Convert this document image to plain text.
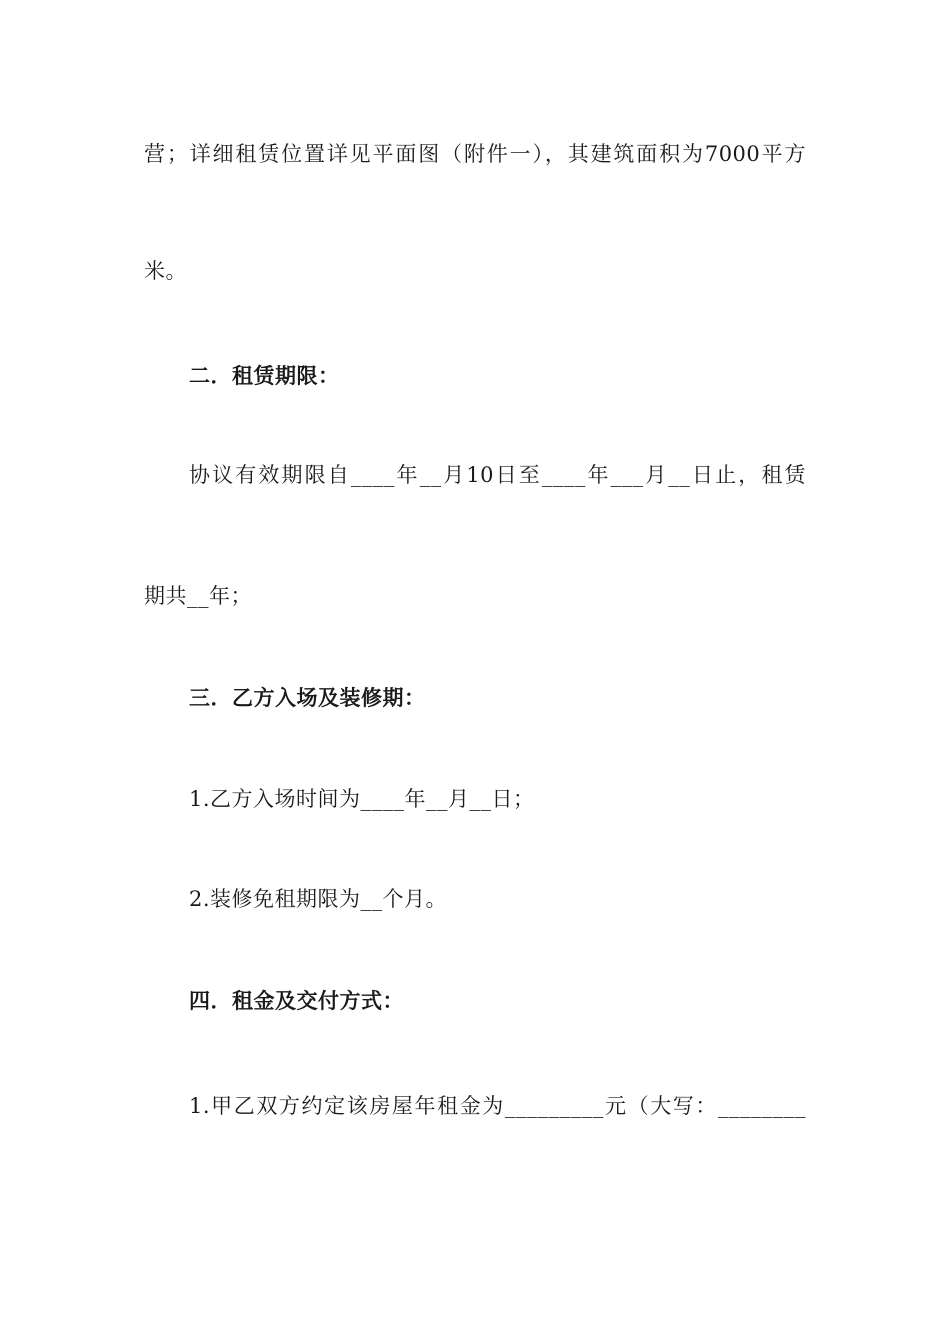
营；详细租赁位置详见平面图（附件一），其建筑面积为7000平方
米。
二．租赁期限：
协议有效期限自____年__月10日至____年___月__日止，租赁
期共__年；
三．乙方入场及装修期：
1.乙方入场时间为____年__月__日；
2.装修免租期限为__个月。
四．租金及交付方式：
1.甲乙双方约定该房屋年租金为_________元（大写：________
